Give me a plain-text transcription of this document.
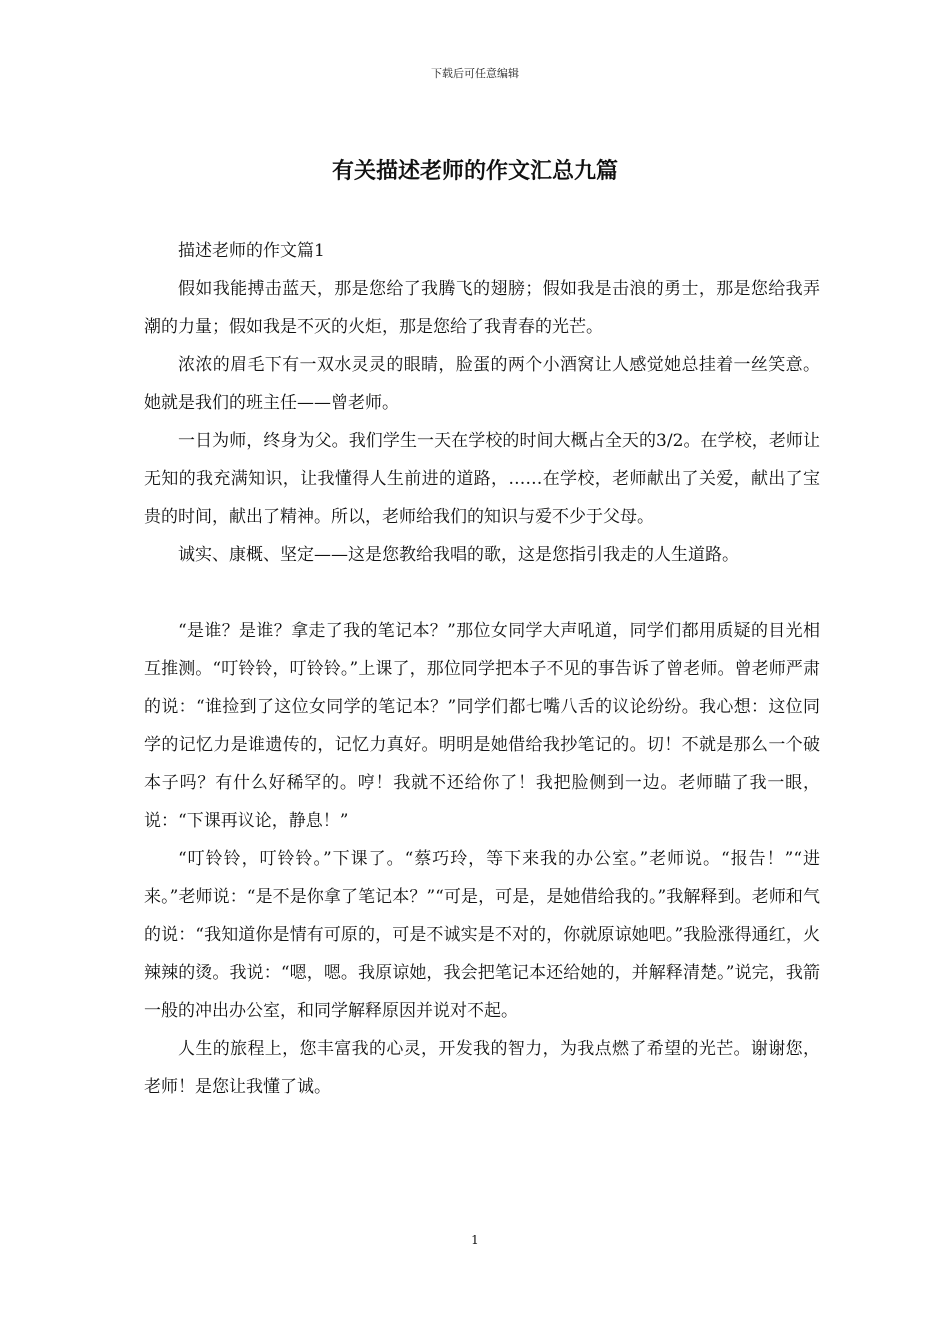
下载后可任意编辑
有关描述老师的作文汇总九篇

描述老师的作文篇1

假如我能搏击蓝天，那是您给了我腾飞的翅膀；假如我是击浪的勇士，那是您给我弄潮的力量；假如我是不灭的火炬，那是您给了我青春的光芒。

浓浓的眉毛下有一双水灵灵的眼睛，脸蛋的两个小酒窝让人感觉她总挂着一丝笑意。她就是我们的班主任——曾老师。

一日为师，终身为父。我们学生一天在学校的时间大概占全天的3/2。在学校，老师让无知的我充满知识，让我懂得人生前进的道路，……在学校，老师献出了关爱，献出了宝贵的时间，献出了精神。所以，老师给我们的知识与爱不少于父母。

诚实、康概、坚定——这是您教给我唱的歌，这是您指引我走的人生道路。

“是谁？是谁？拿走了我的笔记本？”那位女同学大声吼道，同学们都用质疑的目光相互推测。“叮铃铃，叮铃铃。”上课了，那位同学把本子不见的事告诉了曾老师。曾老师严肃的说：“谁捡到了这位女同学的笔记本？”同学们都七嘴八舌的议论纷纷。我心想：这位同学的记忆力是谁遗传的，记忆力真好。明明是她借给我抄笔记的。切！不就是那么一个破本子吗？有什么好稀罕的。哼！我就不还给你了！我把脸侧到一边。老师瞄了我一眼，说：“下课再议论，静息！”

“叮铃铃，叮铃铃。”下课了。“蔡巧玲，等下来我的办公室。”老师说。“报告！”“进来。”老师说：“是不是你拿了笔记本？”“可是，可是，是她借给我的。”我解释到。老师和气的说：“我知道你是情有可原的，可是不诚实是不对的，你就原谅她吧。”我脸涨得通红，火辣辣的烫。我说：“嗯，嗯。我原谅她，我会把笔记本还给她的，并解释清楚。”说完，我箭一般的冲出办公室，和同学解释原因并说对不起。

人生的旅程上，您丰富我的心灵，开发我的智力，为我点燃了希望的光芒。谢谢您，老师！是您让我懂了诚。

1
